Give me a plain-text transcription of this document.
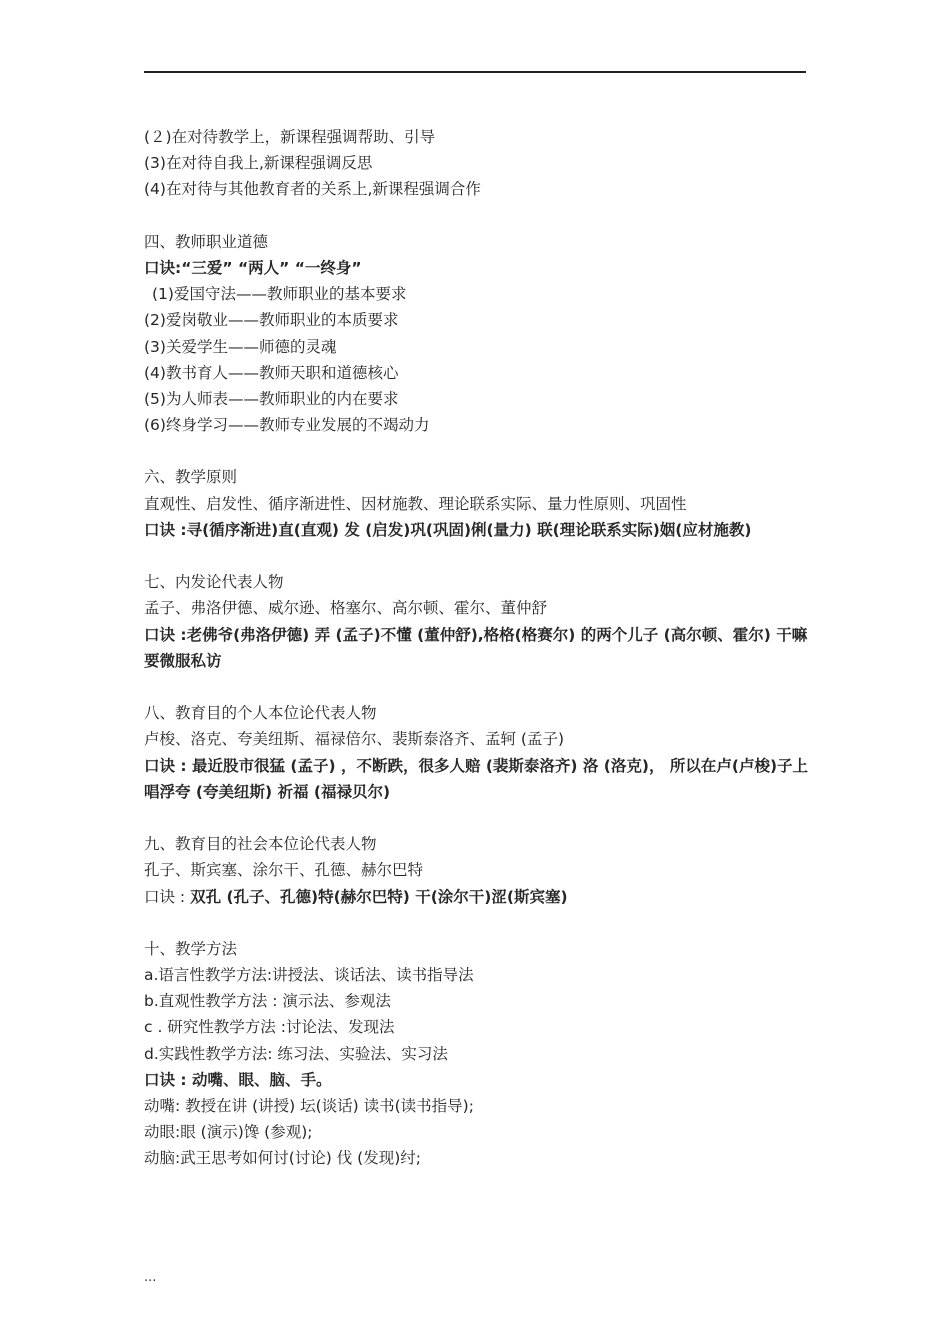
(２)在对待教学上，新课程强调帮助、引导
(3)在对待自我上,新课程强调反思
(4)在对待与其他教育者的关系上,新课程强调合作
四、教师职业道德
口诀:“三爱” “两人” “一终身”
(1)爱国守法——教师职业的基本要求
(2)爱岗敬业——教师职业的本质要求
(3)关爱学生——师德的灵魂
(4)教书育人——教师天职和道德核心
(5)为人师表——教师职业的内在要求
(6)终身学习——教师专业发展的不竭动力
六、教学原则
直观性、启发性、循序渐进性、因材施教、理论联系实际、量力性原则、巩固性
口诀 :寻(循序渐进)直(直观) 发 (启发)巩(巩固)俐(量力) 联(理论联系实际)姻(应材施教)
七、内发论代表人物
孟子、弗洛伊德、威尔逊、格塞尔、高尔顿、霍尔、董仲舒
口诀 :老佛爷(弗洛伊德) 弄 (孟子)不懂 (董仲舒),格格(格赛尔) 的两个儿子 (高尔顿、霍尔) 干嘛要微服私访
八、教育目的个人本位论代表人物
卢梭、洛克、夸美纽斯、福禄倍尔、裴斯泰洛齐、孟轲 (孟子)
口诀 : 最近股市很猛 (孟子) ，不断跌，很多人赔 (裴斯泰洛齐) 洛 (洛克)， 所以在卢(卢梭)子上唱浮夸 (夸美纽斯) 祈福 (福禄贝尔)
九、教育目的社会本位论代表人物
孔子、斯宾塞、涂尔干、孔德、赫尔巴特
口诀 : 双孔 (孔子、孔德)特(赫尔巴特) 干(涂尔干)涩(斯宾塞)
十、教学方法
a.语言性教学方法:讲授法、谈话法、读书指导法
b.直观性教学方法 : 演示法、参观法
c . 研究性教学方法 :讨论法、发现法
d.实践性教学方法: 练习法、实验法、实习法
口诀 : 动嘴、眼、脑、手。
动嘴: 教授在讲 (讲授) 坛(谈话) 读书(读书指导);
动眼:眼 (演示)馋 (参观);
动脑:武王思考如何讨(讨论) 伐 (发现)纣;
...
